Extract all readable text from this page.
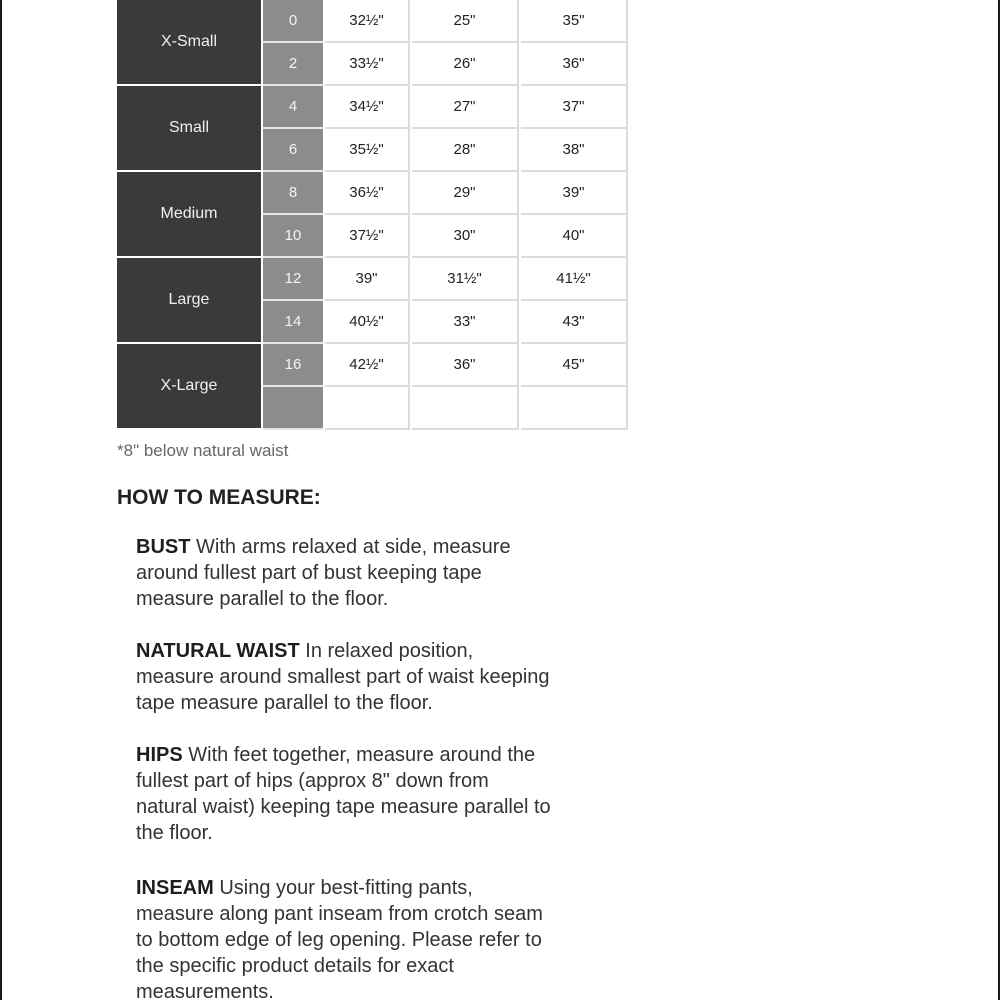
X-Small
0	32½"	25"	35"
2	33½"	26"	36"
Small
4	34½"	27"	37"
6	35½"	28"	38"
Medium
8	36½"	29"	39"
10	37½"	30"	40"
Large
12	39"	31½"	41½"
14	40½"	33"	43"
X-Large
16	42½"	36"	45"
*8" below natural waist
HOW TO MEASURE:
BUST With arms relaxed at side, measure
around fullest part of bust keeping tape
measure parallel to the floor.
NATURAL WAIST In relaxed position,
measure around smallest part of waist keeping
tape measure parallel to the floor.
HIPS With feet together, measure around the
fullest part of hips (approx 8" down from
natural waist) keeping tape measure parallel to
the floor.
INSEAM Using your best-fitting pants,
measure along pant inseam from crotch seam
to bottom edge of leg opening. Please refer to
the specific product details for exact
measurements.
